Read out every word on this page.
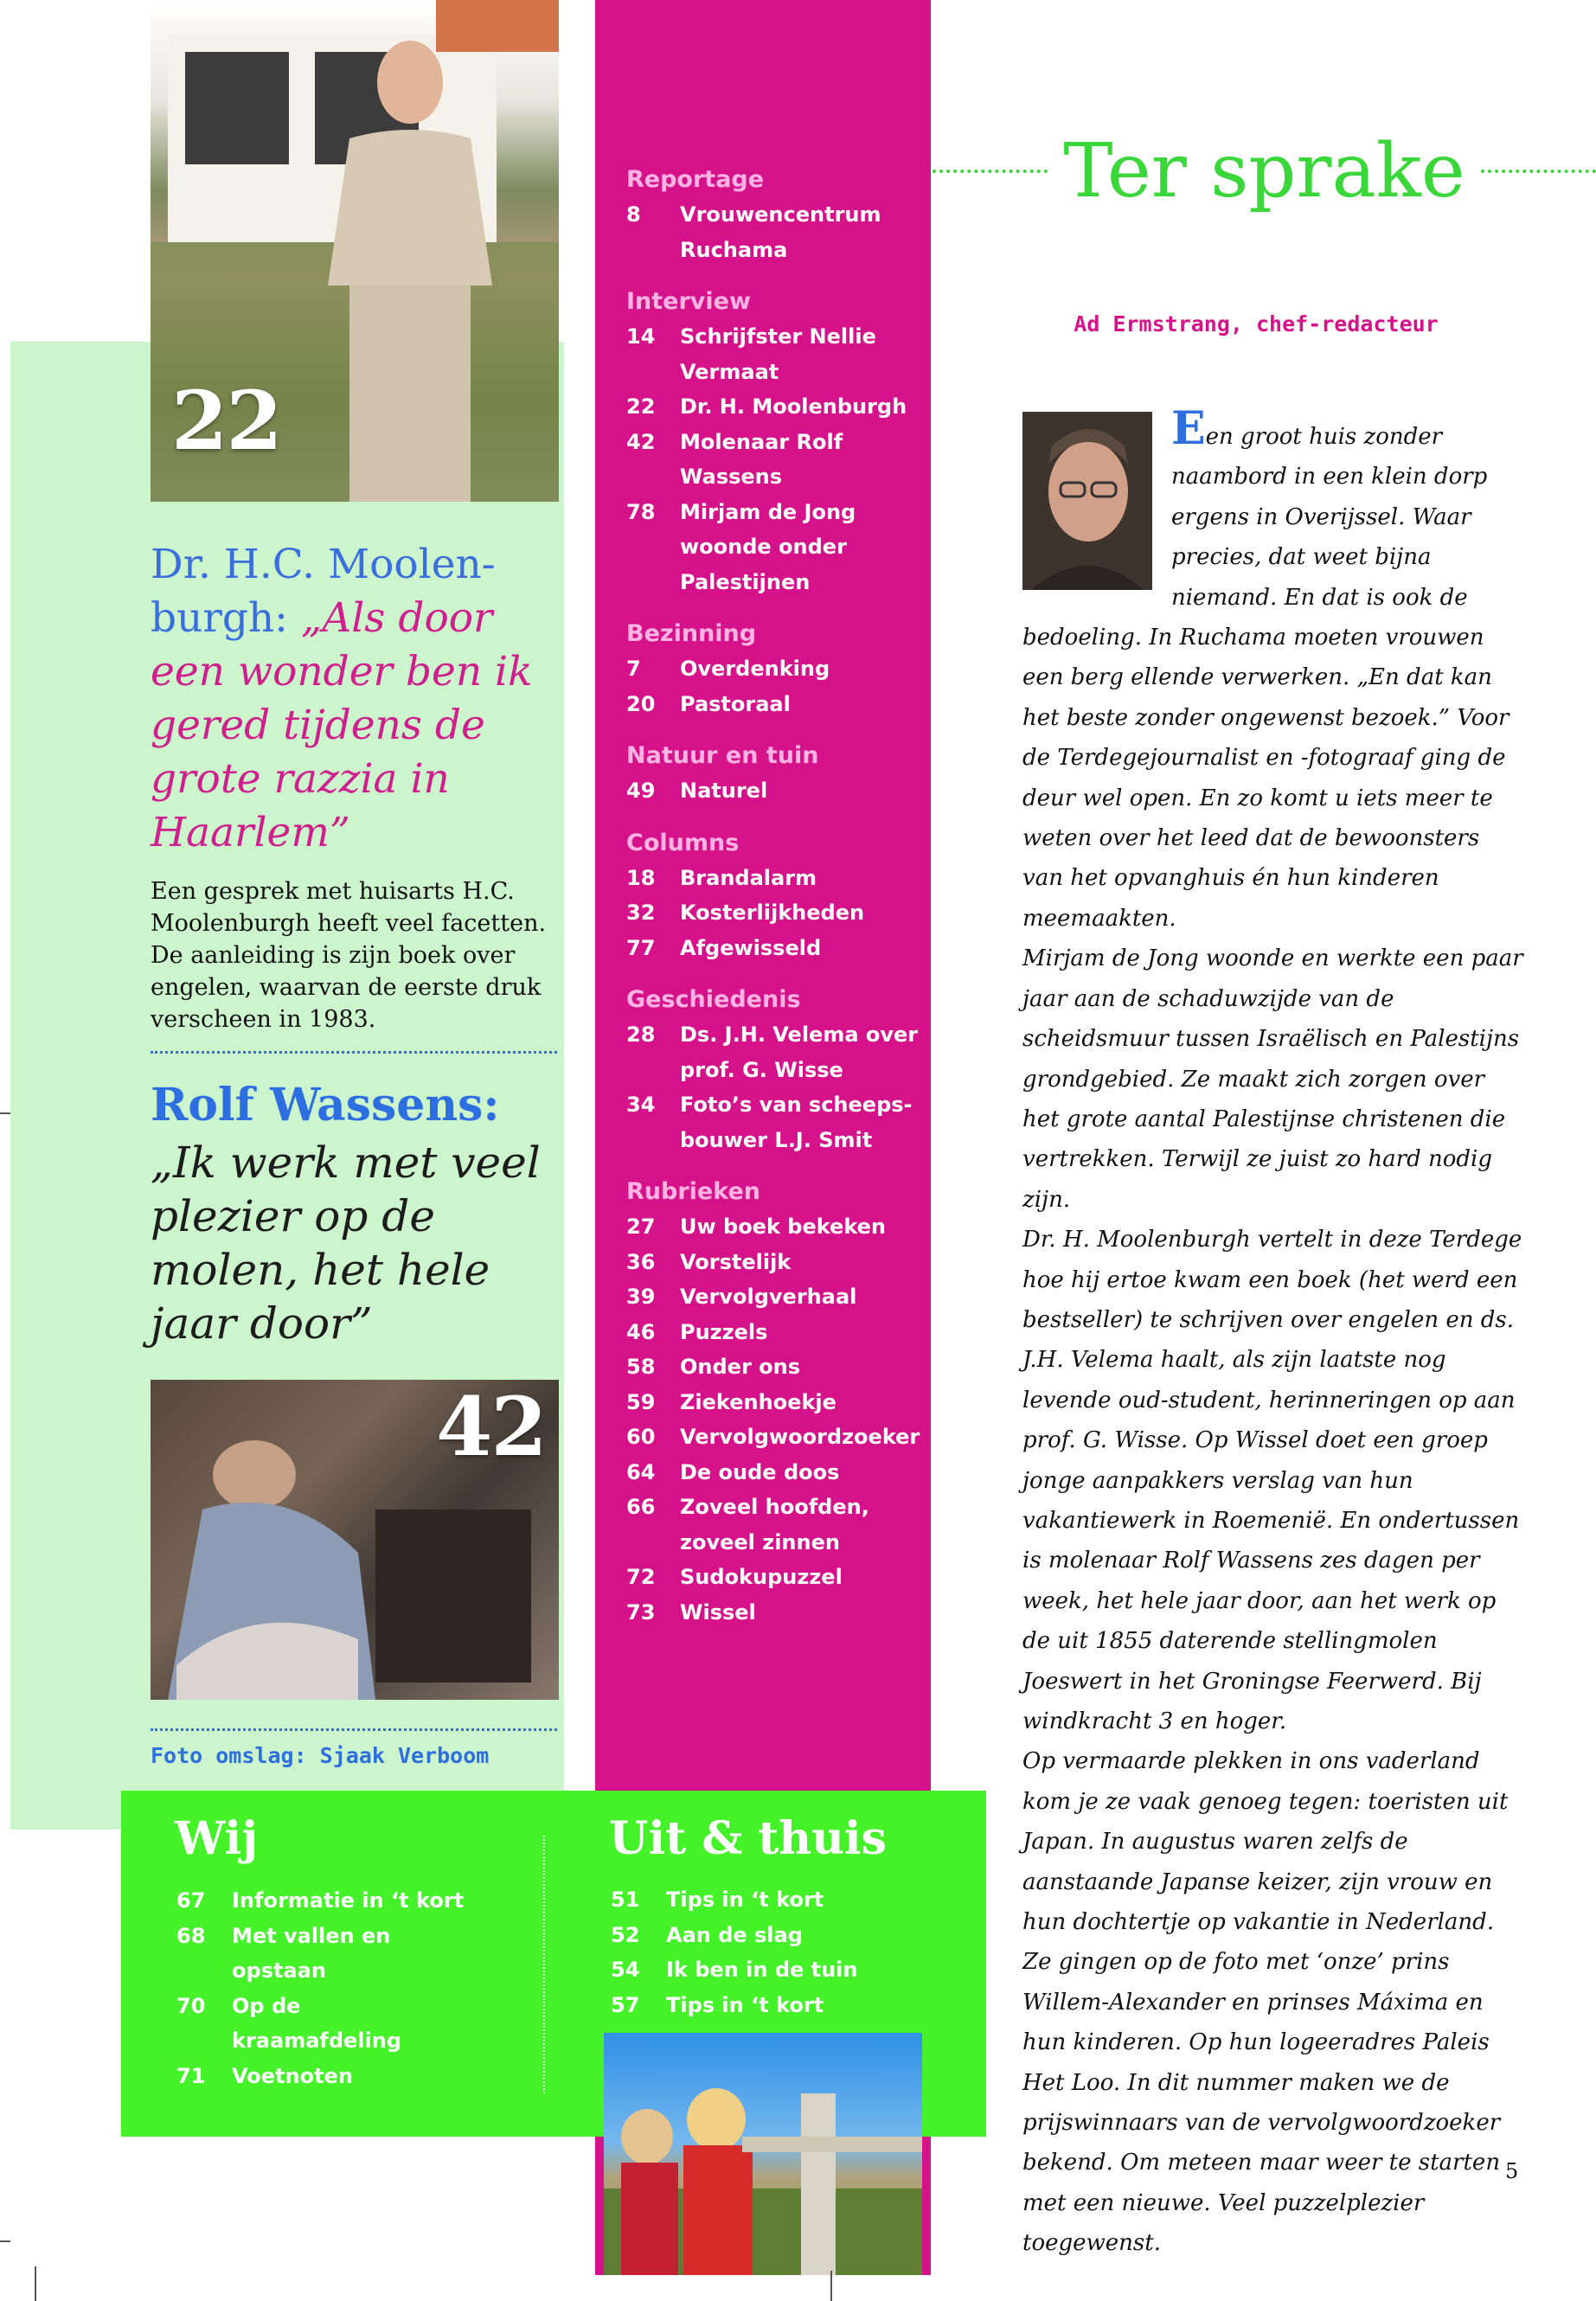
22
42
Dr. H.C. Moolen-burgh: „Als door een wonder ben ik gered tijdens de grote razzia in Haarlem”

Een gesprek met huisarts H.C. Moolenburgh heeft veel facetten. De aanleiding is zijn boek over engelen, waarvan de eerste druk verscheen in 1983.

Rolf Wassens:

„Ik werk met veel plezier op de molen, het hele jaar door”

Foto omslag: Sjaak Verboom

Reportage
8	Vrouwencentrum Ruchama
Interview
14	Schrijfster Nellie Vermaat
22	Dr. H. Moolenburgh
42	Molenaar Rolf Wassens
78	Mirjam de Jong woonde onder Palestijnen
Bezinning
7	Overdenking
20	Pastoraal
Natuur en tuin
49	Naturel
Columns
18	Brandalarm
32	Kosterlijkheden
77	Afgewisseld
Geschiedenis
28	Ds. J.H. Velema over prof. G. Wisse
34	Foto’s van scheeps-bouwer L.J. Smit
Rubrieken
27	Uw boek bekeken
36	Vorstelijk
39	Vervolgverhaal
46	Puzzels
58	Onder ons
59	Ziekenhoekje
60	Vervolgwoordzoeker
64	De oude doos
66	Zoveel hoofden, zoveel zinnen
72	Sudokupuzzel
73	Wissel
Wij
67	Informatie in ‘t kort
68	Met vallen en opstaan
70	Op de kraamafdeling
71	Voetnoten
Uit & thuis
51	Tips in ‘t kort
52	Aan de slag
54	Ik ben in de tuin
57	Tips in ‘t kort
Ter sprake

Ad Ermstrang, chef-redacteur

Een groot huis zonder naambord in een klein dorp ergens in Overijssel. Waar precies, dat weet bijna niemand. En dat is ook de bedoeling. In Ruchama moeten vrouwen een berg ellende verwerken. „En dat kan het beste zonder ongewenst bezoek.” Voor de Terdegejournalist en -fotograaf ging de deur wel open. En zo komt u iets meer te weten over het leed dat de bewoonsters van het opvanghuis én hun kinderen meemaakten.

Mirjam de Jong woonde en werkte een paar jaar aan de schaduwzijde van de scheidsmuur tussen Israëlisch en Palestijns grondgebied. Ze maakt zich zorgen over het grote aantal Palestijnse christenen die vertrekken. Terwijl ze juist zo hard nodig zijn.

Dr. H. Moolenburgh vertelt in deze Terdege hoe hij ertoe kwam een boek (het werd een bestseller) te schrijven over engelen en ds. J.H. Velema haalt, als zijn laatste nog levende oud-student, herinneringen op aan prof. G. Wisse. Op Wissel doet een groep jonge aanpakkers verslag van hun vakantiewerk in Roemenië. En ondertussen is molenaar Rolf Wassens zes dagen per week, het hele jaar door, aan het werk op de uit 1855 daterende stellingmolen Joeswert in het Groningse Feerwerd. Bij windkracht 3 en hoger.

Op vermaarde plekken in ons vaderland kom je ze vaak genoeg tegen: toeristen uit Japan. In augustus waren zelfs de aanstaande Japanse keizer, zijn vrouw en hun dochtertje op vakantie in Nederland. Ze gingen op de foto met ‘onze’ prins Willem-Alexander en prinses Máxima en hun kinderen. Op hun logeeradres Paleis Het Loo. In dit nummer maken we de prijswinnaars van de vervolgwoordzoeker bekend. Om meteen maar weer te starten met een nieuwe. Veel puzzelplezier toegewenst.

5
